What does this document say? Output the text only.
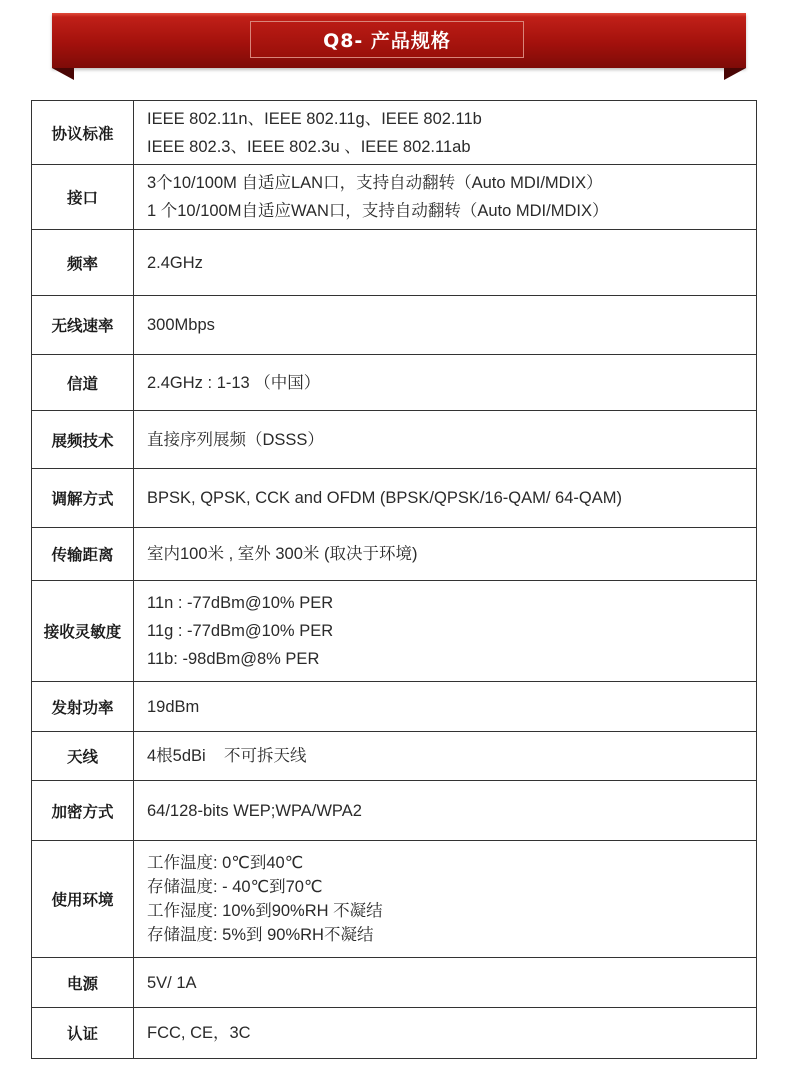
Q8- 产品规格
协议标准	IEEE 802.11n、IEEE 802.11g、IEEE 802.11b
IEEE 802.3、IEEE 802.3u 、IEEE 802.11ab

接口	3个10/100M 自适应LAN口，支持自动翻转（Auto MDI/MDIX）
1 个10/100M自适应WAN口，支持自动翻转（Auto MDI/MDIX）

频率	2.4GHz

无线速率	300Mbps

信道	2.4GHz : 1-13 （中国）

展频技术	直接序列展频（DSSS）

调解方式	BPSK, QPSK, CCK and OFDM (BPSK/QPSK/16-QAM/ 64-QAM)

传输距离	室内100米 , 室外 300米 (取决于环境)

接收灵敏度	11n : -77dBm@10% PER
11g : -77dBm@10% PER
11b: -98dBm@8% PER

发射功率	19dBm

天线	4根5dBi    不可拆天线

加密方式	64/128-bits WEP;WPA/WPA2

使用环境	工作温度: 0℃到40℃
存储温度: - 40℃到70℃
工作湿度: 10%到90%RH 不凝结
存储温度: 5%到 90%RH不凝结

电源	5V/ 1A

认证	FCC, CE，3C
